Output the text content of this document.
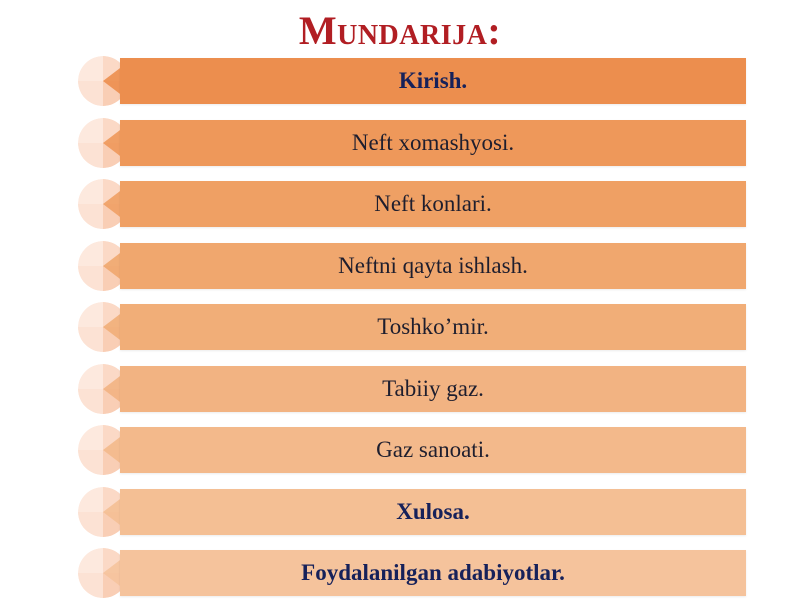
Mundarija:
Kirish.
Neft xomashyosi.
Neft konlari.
Neftni qayta ishlash.
Toshko’mir.
Tabiiy gaz.
Gaz sanoati.
Xulosa.
Foydalanilgan adabiyotlar.
